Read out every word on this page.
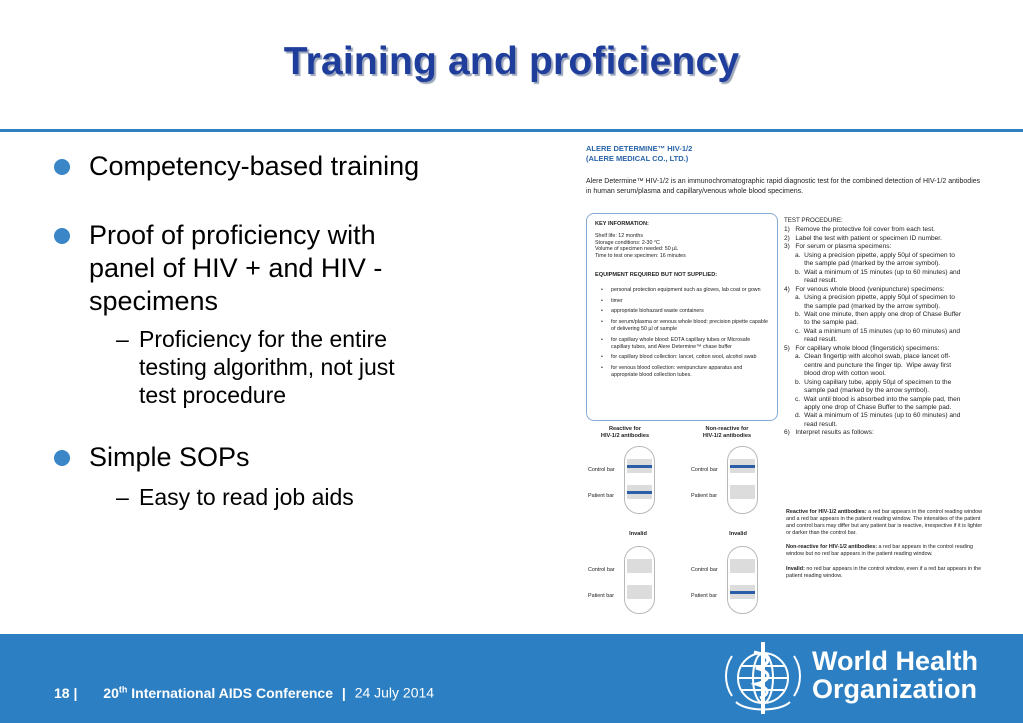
Training and proficiency
Competency-based training
Proof of proficiency with
panel of HIV + and HIV -
specimens
– Proficiency for the entire
testing algorithm, not just
test procedure
Simple SOPs
– Easy to read job aids
ALERE DETERMINE™ HIV-1/2
(ALERE MEDICAL CO., LTD.)
Alere Determine™ HIV-1/2 is an immunochromatographic rapid diagnostic test for the combined detection of HIV-1/2 antibodies in human serum/plasma and capillary/venous whole blood specimens.
KEY INFORMATION:
Shelf life: 12 months
Storage conditions: 2-30 °C
Volume of specimen needed: 50 µL
Time to test one specimen: 16 minutes
EQUIPMENT REQUIRED BUT NOT SUPPLIED:
• personal protection equipment such as gloves, lab coat or gown
• timer
• appropriate biohazard waste containers
• for serum/plasma or venous whole blood: precision pipette capable of delivering 50 µl of sample
• for capillary whole blood: EDTA capillary tubes or Microsafe capillary tubes, and Alere Determine™ chase buffer
• for capillary blood collection: lancet, cotton wool, alcohol swab
• for venous blood collection: venipuncture apparatus and appropriate blood collection tubes.
TEST PROCEDURE:
1)   Remove the protective foil cover from each test.
2)   Label the test with patient or specimen ID number.
3)   For serum or plasma specimens:
a.  Using a precision pipette, apply 50µl of specimen to
the sample pad (marked by the arrow symbol).
b.  Wait a minimum of 15 minutes (up to 60 minutes) and
read result.
4)   For venous whole blood (venipuncture) specimens:
a.  Using a precision pipette, apply 50µl of specimen to
the sample pad (marked by the arrow symbol).
b.  Wait one minute, then apply one drop of Chase Buffer
to the sample pad.
c.  Wait a minimum of 15 minutes (up to 60 minutes) and
read result.
5)   For capillary whole blood (fingerstick) specimens:
a.  Clean fingertip with alcohol swab, place lancet off-
centre and puncture the finger tip.  Wipe away first
blood drop with cotton wool.
b.  Using capillary tube, apply 50µl of specimen to the
sample pad (marked by the arrow symbol).
c.  Wait until blood is absorbed into the sample pad, then
apply one drop of Chase Buffer to the sample pad.
d.  Wait a minimum of 15 minutes (up to 60 minutes) and
read result.
6)   Interpret results as follows:
Reactive for
HIV-1/2 antibodies
Non-reactive for
HIV-1/2 antibodies
Control bar
Patient bar
Control bar
Patient bar
Invalid	Invalid
Control bar
Patient bar
Control bar
Patient bar

Reactive for HIV-1/2 antibodies: a red bar appears in the control reading window and a red bar appears in the patient reading window. The intensities of the patient and control bars may differ but any patient bar is reactive, irrespective if it is lighter or darker than the control bar.

Non-reactive for HIV-1/2 antibodies: a red bar appears in the control reading window but no red bar appears in the patient reading window.

Invalid: no red bar appears in the control window, even if a red bar appears in the patient reading window.

18 | 20th International AIDS Conference | 24 July 2014
World Health
Organization
